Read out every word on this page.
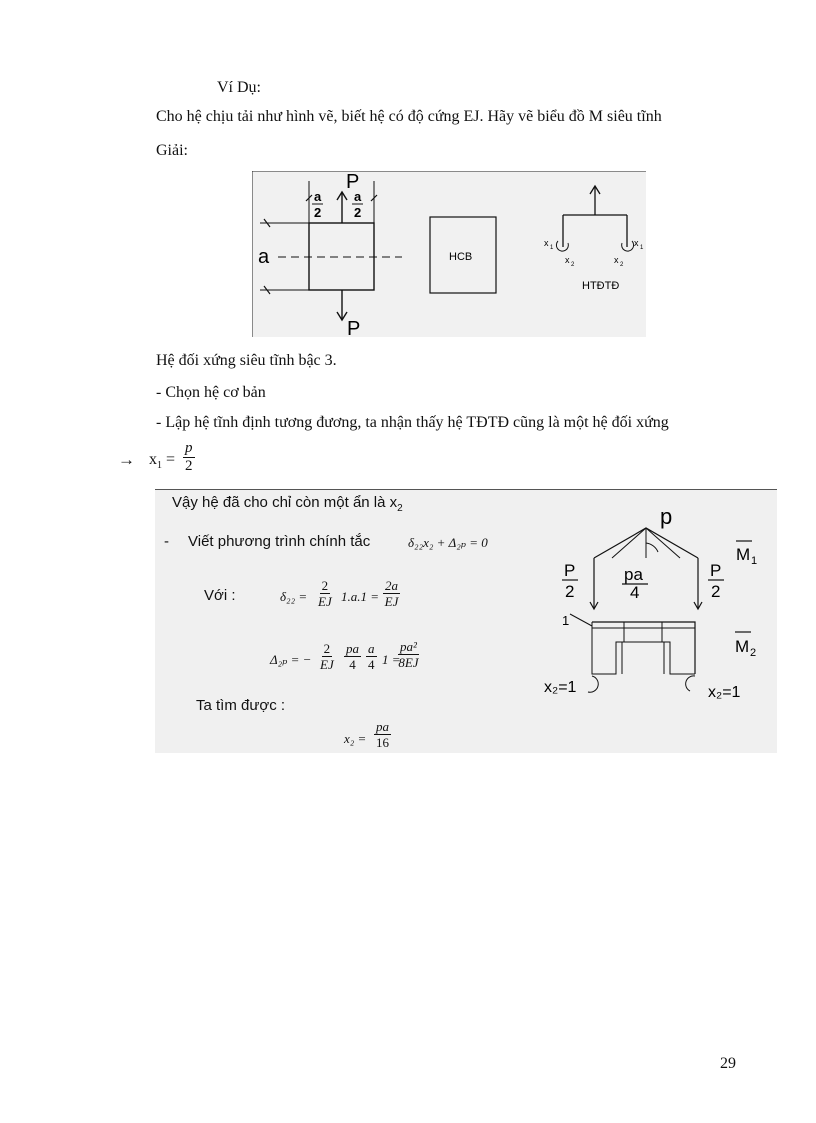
Ví Dụ:
Cho hệ chịu tải như hình vẽ, biết hệ có độ cứng EJ. Hãy vẽ biểu đồ M siêu tĩnh
Giải:
P
P
a
a
2
a
2
HCB
x 1
x 2	x 2
x 1
HTĐTĐ
Hệ đối xứng siêu tĩnh bậc 3.
- Chọn hệ cơ bản
- Lập hệ tĩnh định tương đương, ta nhận thấy hệ TĐTĐ cũng là một hệ đối xứng
→ $x_1 = \frac{p}{2}$
Vậy hệ đã cho chỉ còn một ẩn là $x_2$
- Viết phương trình chính tắc	δ₂₂x₂ + Δ₂ₚ = 0
Với :	$\delta_{22} = \frac{2}{EJ} 1.a.1 = \frac{2a}{EJ}$
Δ₂ₚ = − $\frac{2}{EJ} \frac{pa}{4} \frac{a}{4} 1$ =
$\frac{\text{pa²}}{8EJ}$
Ta tìm được :
$x_2 = \frac{pa}{16}$
p
P
2
P
2
pa
4
M 1
1
x₂=1	x₂=1
M 2
29
